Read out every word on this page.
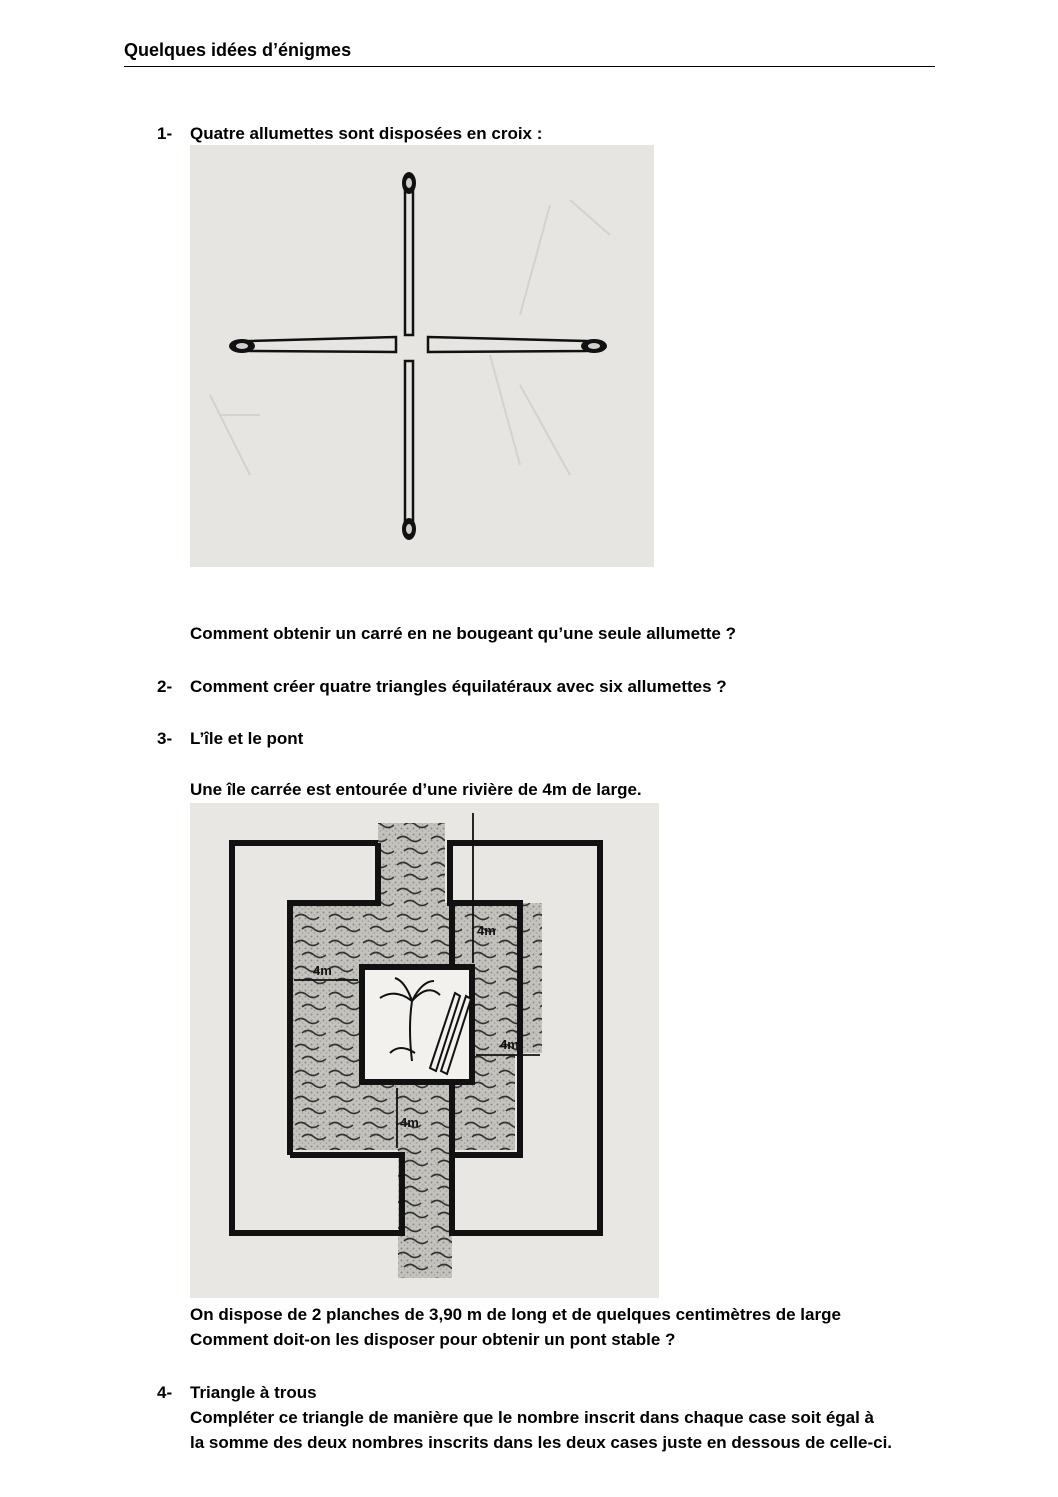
Quelques idées d’énigmes
1- Quatre allumettes sont disposées en croix :
Comment obtenir un carré en ne bougeant qu’une seule allumette ?
2- Comment créer quatre triangles équilatéraux avec six allumettes ?
3- L’île et le pont
Une île carrée est entourée d’une rivière de 4m de large.
4m
4m
4m
4m
On dispose de 2 planches de 3,90 m de long et de quelques centimètres de large
Comment doit-on les disposer pour obtenir un pont stable ?
4- Triangle à trous
Compléter ce triangle de manière que le nombre inscrit dans chaque case soit égal à
la somme des deux nombres inscrits dans les deux cases juste en dessous de celle-ci.
